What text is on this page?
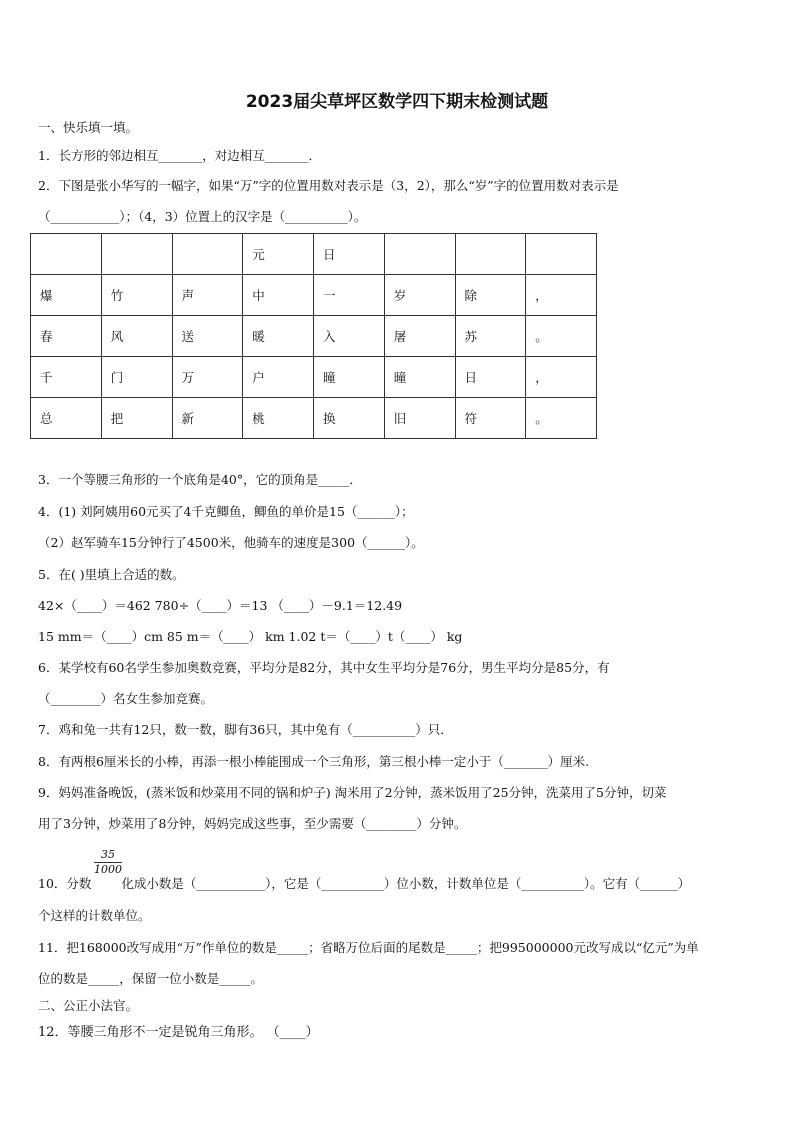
2023届尖草坪区数学四下期末检测试题
一、快乐填一填。
1．长方形的邻边相互_______，对边相互_______．
2．下图是张小华写的一幅字，如果“万”字的位置用数对表示是（3，2），那么“岁”字的位置用数对表示是
（___________）；（4，3）位置上的汉字是（__________）。
			元	日			
爆	竹	声	中	一	岁	除	，
春	风	送	暖	入	屠	苏	。
千	门	万	户	曈	曈	日	，
总	把	新	桃	换	旧	符	。
3．一个等腰三角形的一个底角是40°，它的顶角是_____．
4．(1) 刘阿姨用60元买了4千克鲫鱼，鲫鱼的单价是15（______）；
（2）赵军骑车15分钟行了4500米，他骑车的速度是300（______）。
5．在( )里填上合适的数。
42×（____）＝462 780÷（____）＝13 （____）－9.1＝12.49
15 mm＝（____）cm 85 m＝（____） km 1.02 t＝（____）t（____） kg
6．某学校有60名学生参加奥数竞赛，平均分是82分，其中女生平均分是76分，男生平均分是85分，有
（________）名女生参加竞赛。
7．鸡和兔一共有12只，数一数，脚有36只，其中兔有（__________）只．
8．有两根6厘米长的小棒，再添一根小棒能围成一个三角形，第三根小棒一定小于（_______）厘米.
9．妈妈准备晚饭，(蒸米饭和炒菜用不同的锅和炉子) 淘米用了2分钟，蒸米饭用了25分钟，洗菜用了5分钟，切菜
用了3分钟，炒菜用了8分钟，妈妈完成这些事，至少需要（________）分钟。
$\frac{35}{1000}$
10．分数 化成小数是（___________），它是（__________）位小数，计数单位是（__________）。它有（______）
个这样的计数单位。
11．把168000改写成用“万”作单位的数是_____；省略万位后面的尾数是_____；把995000000元改写成以“亿元”为单
位的数是_____，保留一位小数是_____。
二、公正小法官。
12．等腰三角形不一定是锐角三角形。 （____）
